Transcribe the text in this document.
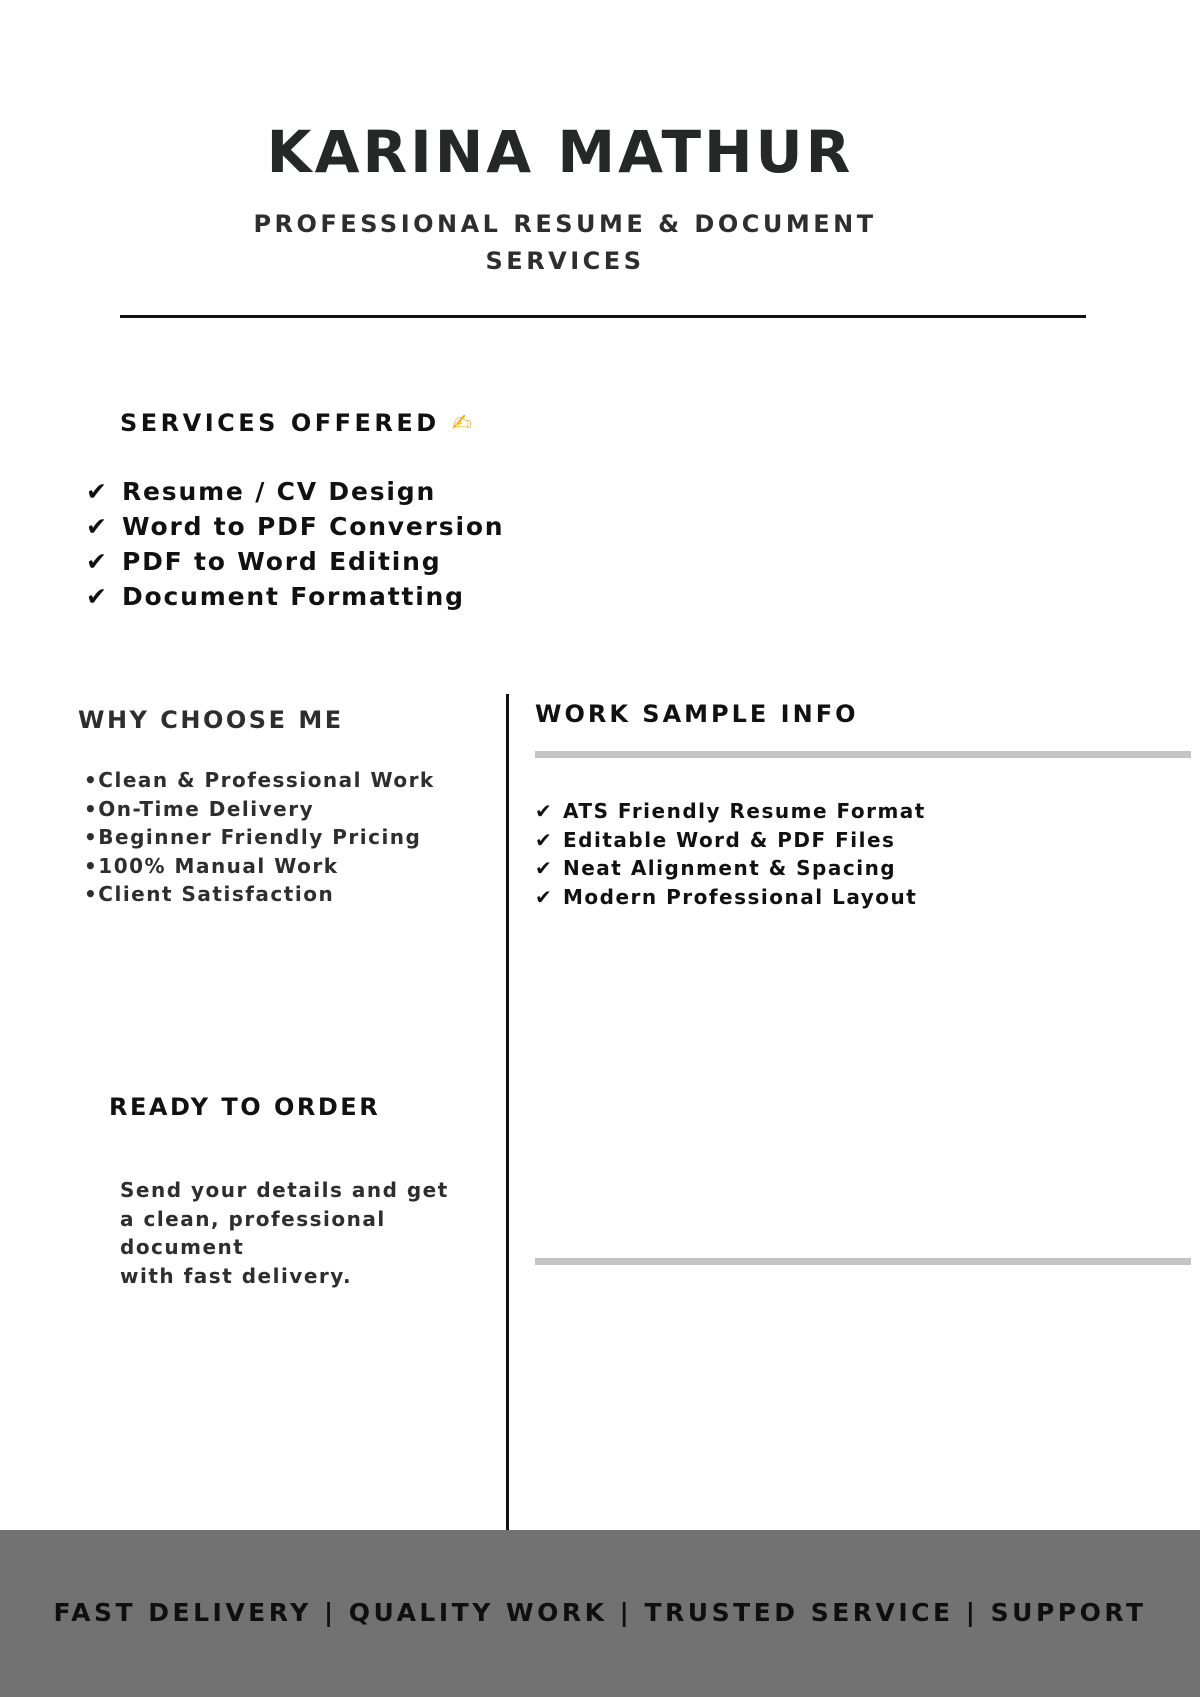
KARINA MATHUR
PROFESSIONAL RESUME & DOCUMENT
SERVICES
SERVICES OFFERED ✍
✔ Resume / CV Design
✔ Word to PDF Conversion
✔ PDF to Word Editing
✔ Document Formatting
WHY CHOOSE ME
•Clean & Professional Work
•On-Time Delivery
•Beginner Friendly Pricing
•100% Manual Work
•Client Satisfaction
WORK SAMPLE INFO
✔ ATS Friendly Resume Format
✔ Editable Word & PDF Files
✔ Neat Alignment & Spacing
✔ Modern Professional Layout
READY TO ORDER
Send your details and get
a clean, professional
document
with fast delivery.
FAST DELIVERY | QUALITY WORK | TRUSTED SERVICE | SUPPORT
